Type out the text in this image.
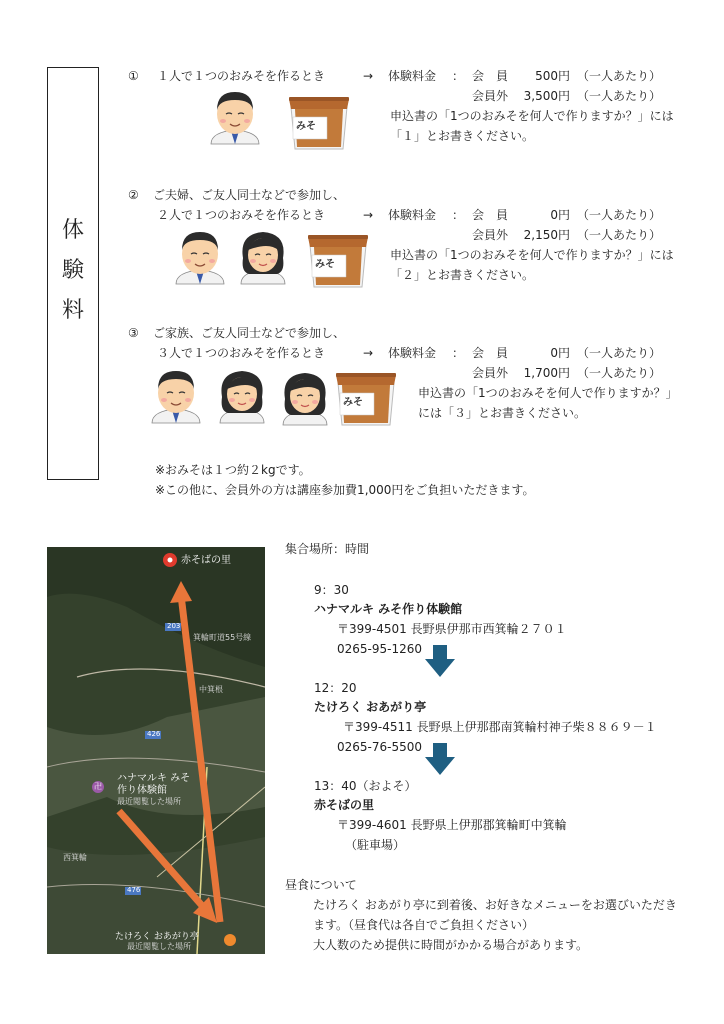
体
験
料
① １人で１つのおみそを作るとき	→ 体験料金 ： 会　員	500円 （一人あたり）
会員外	3,500円 （一人あたり）
申込書の「1つのおみそを何人で作りますか？」には
「１」とお書きください。
② ご夫婦、ご友人同士などで参加し、
２人で１つのおみそを作るとき	→ 体験料金 ： 会　員	0円 （一人あたり）
会員外	2,150円 （一人あたり）
申込書の「1つのおみそを何人で作りますか？」には
「２」とお書きください。
③ ご家族、ご友人同士などで参加し、
３人で１つのおみそを作るとき	→ 体験料金 ： 会　員	0円 （一人あたり）
会員外	1,700円 （一人あたり）
申込書の「1つのおみそを何人で作りますか？」
には「３」とお書きください。
みそ
みそ
みそ
※おみそは１つ約２kgです。
※この他に、会員外の方は講座参加費1,000円をご負担いただきます。
赤そばの里
ハナマルキ みそ
作り体験館
最近閲覧した場所
たけろく おあがり亭
最近閲覧した場所
203
426
476
箕輪町道55号線
中箕根
西箕輪
卍
集合場所：時間
9：30
ハナマルキ みそ作り体験館
〒399-4501 長野県伊那市西箕輪２７０１
0265-95-1260
12：20
たけろく おあがり亭
〒399-4511 長野県上伊那郡南箕輪村神子柴８８６９－１
0265-76-5500
13：40（およそ）
赤そばの里
〒399-4601 長野県上伊那郡箕輪町中箕輪
（駐車場）
昼食について
たけろく おあがり亭に到着後、お好きなメニューをお選びいただき
ます。（昼食代は各自でご負担ください）
大人数のため提供に時間がかかる場合があります。
